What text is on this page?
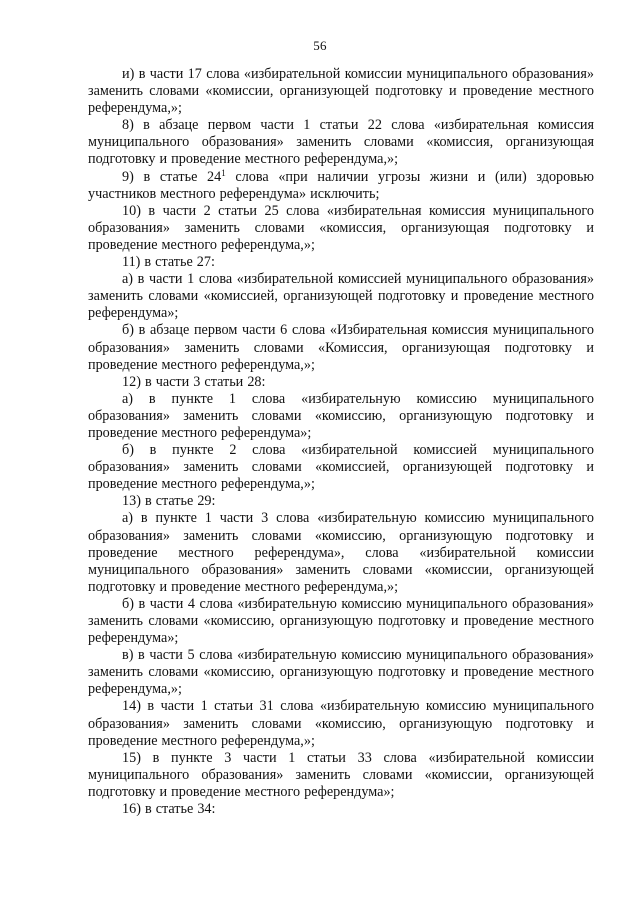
56

и) в части 17 слова «избирательной комиссии муниципального образования» заменить словами «комиссии, организующей подготовку и проведение местного референдума,»;

8) в абзаце первом части 1 статьи 22 слова «избирательная комиссия муниципального образования» заменить словами «комиссия, организующая подготовку и проведение местного референдума,»;

9) в статье $24^1$ слова «при наличии угрозы жизни и (или) здоровью участников местного референдума» исключить;

10) в части 2 статьи 25 слова «избирательная комиссия муниципального образования» заменить словами «комиссия, организующая подготовку и проведение местного референдума,»;

11) в статье 27:

а) в части 1 слова «избирательной комиссией муниципального образования» заменить словами «комиссией, организующей подготовку и проведение местного референдума»;

б) в абзаце первом части 6 слова «Избирательная комиссия муниципального образования» заменить словами «Комиссия, организующая подготовку и проведение местного референдума,»;

12) в части 3 статьи 28:

а) в пункте 1 слова «избирательную комиссию муниципального образования» заменить словами «комиссию, организующую подготовку и проведение местного референдума»;

б) в пункте 2 слова «избирательной комиссией муниципального образования» заменить словами «комиссией, организующей подготовку и проведение местного референдума,»;

13) в статье 29:

а) в пункте 1 части 3 слова «избирательную комиссию муниципального образования» заменить словами «комиссию, организующую подготовку и проведение местного референдума», слова «избирательной комиссии муниципального образования» заменить словами «комиссии, организующей подготовку и проведение местного референдума,»;

б) в части 4 слова «избирательную комиссию муниципального образования» заменить словами «комиссию, организующую подготовку и проведение местного референдума»;

в) в части 5 слова «избирательную комиссию муниципального образования» заменить словами «комиссию, организующую подготовку и проведение местного референдума,»;

14) в части 1 статьи 31 слова «избирательную комиссию муниципального образования» заменить словами «комиссию, организующую подготовку и проведение местного референдума,»;

15) в пункте 3 части 1 статьи 33 слова «избирательной комиссии муниципального образования» заменить словами «комиссии, организующей подготовку и проведение местного референдума»;

16) в статье 34:
